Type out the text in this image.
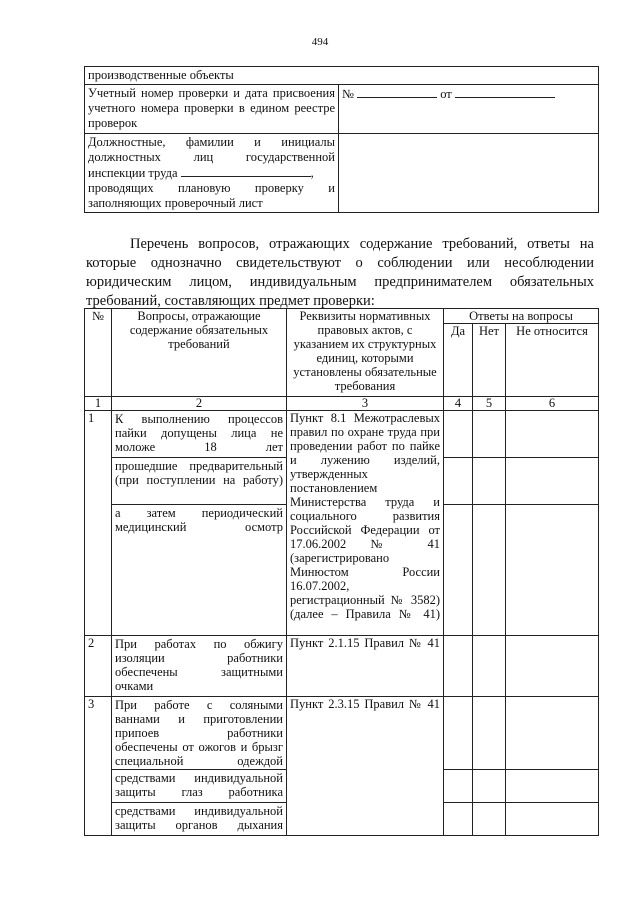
494
производственные объекты	
Учетный номер проверки и дата присвоения учетного номера проверки в едином реестре проверок	№ от

Должностные, фамилии и инициалы
должностных лиц государственной
инспекции труда ,
проводящих плановую проверку и
заполняющих проверочный лист	

Перечень вопросов, отражающих содержание требований, ответы на которые однозначно свидетельствуют о соблюдении или несоблюдении юридическим лицом, индивидуальным предпринимателем обязательных требований, составляющих предмет проверки:

№	Вопросы, отражающие содержание обязательных требований	Реквизиты нормативных правовых актов, с указанием их структурных единиц, которыми установлены обязательные требования	Ответы на вопросы		
			Да	Нет	Не относится
1	2	3	4	5	6
1	К выполнению процессов пайки допущены лица не моложе 18 лет	Пункт 8.1 Межотраслевых правил по охране труда при проведении работ по пайке и лужению изделий, утвержденных постановлением Министерства труда и социального развития Российской Федерации от 17.06.2002 № 41 (зарегистрировано Минюстом России 16.07.2002, регистрационный № 3582) (далее – Правила № 41)			
	прошедшие предварительный (при поступлении на работу)				
	а затем периодический медицинский осмотр				
2	При работах по обжигу изоляции работники обеспечены защитными очками	Пункт 2.1.15 Правил № 41			
3	При работе с соляными ваннами и приготовлении припоев работники обеспечены от ожогов и брызг специальной одеждой	Пункт 2.3.15 Правил № 41			
	средствами индивидуальной защиты глаз работника				
	средствами индивидуальной защиты органов дыхания				
